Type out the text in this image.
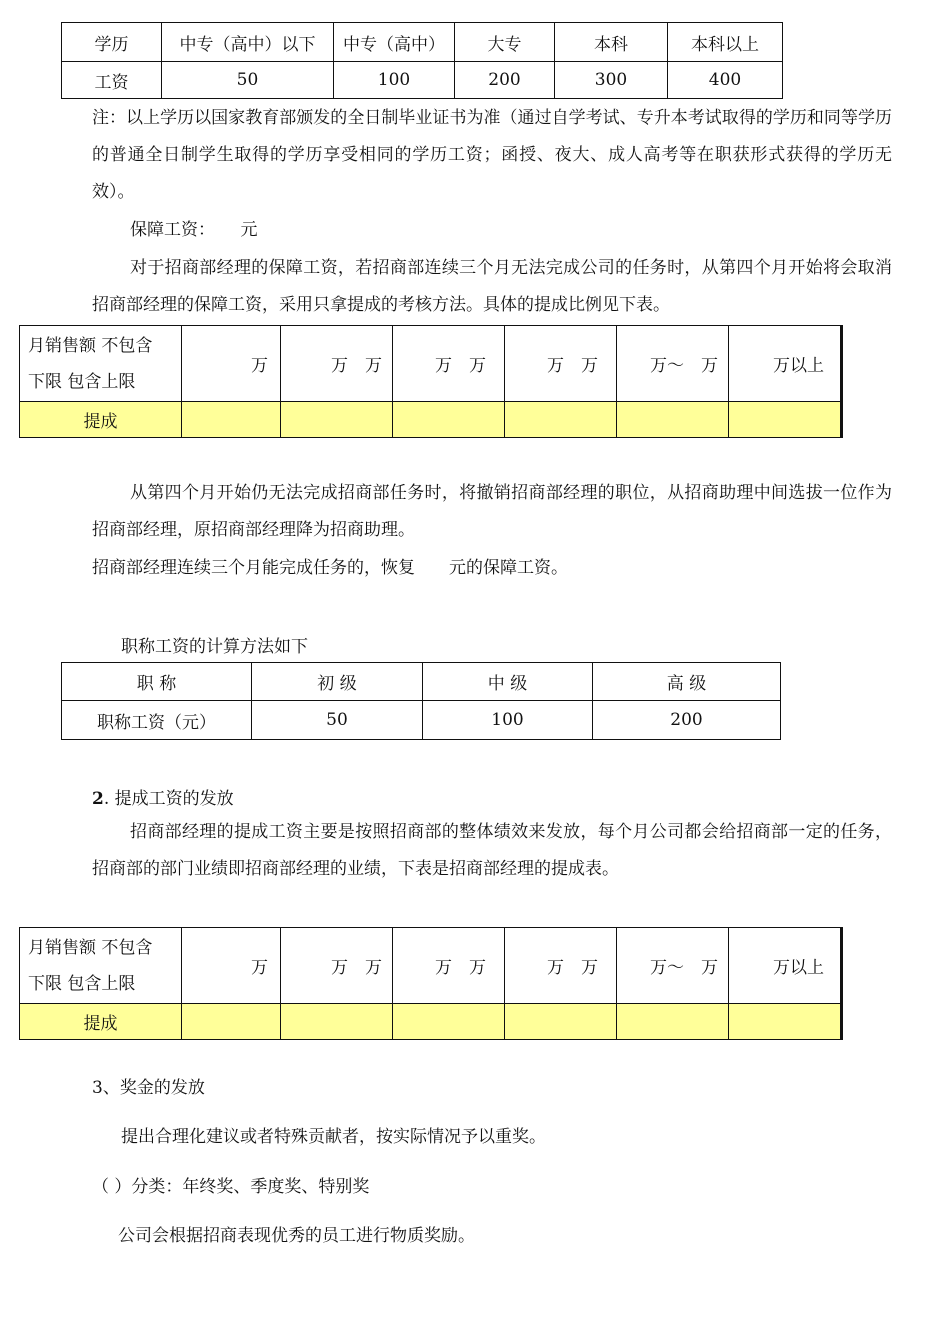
学历	中专（高中）以下	中专（高中）	大专	本科	本科以上
工资	50	100	200	300	400
注：以上学历以国家教育部颁发的全日制毕业证书为准（通过自学考试、专升本考试取得的学历和同等学历的普通全日制学生取得的学历享受相同的学历工资；函授、夜大、成人高考等在职获形式获得的学历无效）。
保障工资：　　元
对于招商部经理的保障工资，若招商部连续三个月无法完成公司的任务时，从第四个月开始将会取消招商部经理的保障工资，采用只拿提成的考核方法。具体的提成比例见下表。
月销售额 不包含
下限 包含上限	万	万　万	万　万	万　万	万～　万	万以上
提成						
从第四个月开始仍无法完成招商部任务时，将撤销招商部经理的职位，从招商助理中间选拔一位作为招商部经理，原招商部经理降为招商助理。
招商部经理连续三个月能完成任务的，恢复　　元的保障工资。
职称工资的计算方法如下
职 称	初 级	中 级	高 级
职称工资（元）	50	100	200
2. 提成工资的发放
招商部经理的提成工资主要是按照招商部的整体绩效来发放，每个月公司都会给招商部一定的任务，招商部的部门业绩即招商部经理的业绩，下表是招商部经理的提成表。
月销售额 不包含
下限 包含上限	万	万　万	万　万	万　万	万～　万	万以上
提成						
3、奖金的发放
提出合理化建议或者特殊贡献者，按实际情况予以重奖。
（ ）分类：年终奖、季度奖、特别奖
公司会根据招商表现优秀的员工进行物质奖励。
